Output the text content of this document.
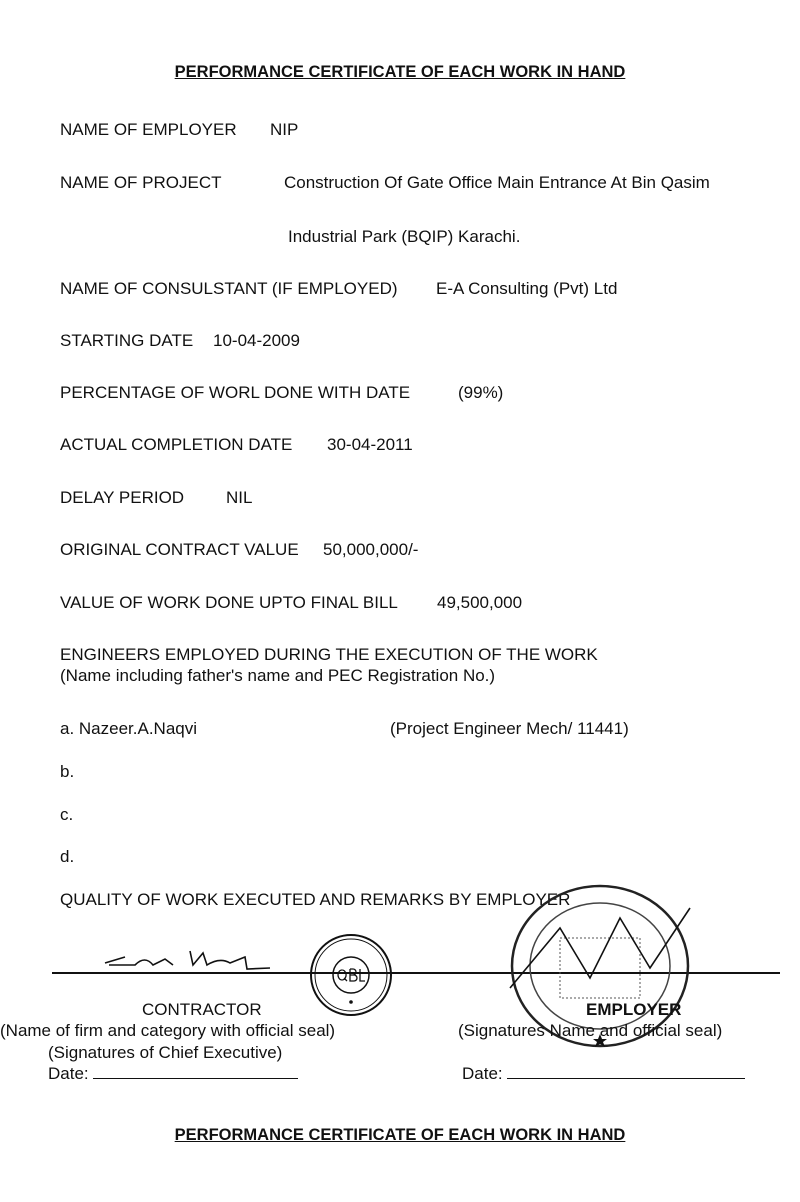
PERFORMANCE CERTIFICATE OF EACH WORK IN HAND
NAME OF EMPLOYER NIP
NAME OF PROJECT	Construction Of Gate Office Main Entrance At Bin Qasim
Industrial Park (BQIP) Karachi.
NAME OF CONSULSTANT (IF EMPLOYED) E-A Consulting (Pvt) Ltd
STARTING DATE 10-04-2009
PERCENTAGE OF WORL DONE WITH DATE	(99%)
ACTUAL COMPLETION DATE 30-04-2011
DELAY PERIOD NIL
ORIGINAL CONTRACT VALUE 50,000,000/-
VALUE OF WORK DONE UPTO FINAL BILL 49,500,000
ENGINEERS EMPLOYED DURING THE EXECUTION OF THE WORK
(Name including father's name and PEC Registration No.)
a. Nazeer.A.Naqvi	(Project Engineer Mech/ 11441)
b.
c.
d.
QUALITY OF WORK EXECUTED AND REMARKS BY EMPLOYER
CONTRACTOR
(Name of firm and category with official seal)
(Signatures of Chief Executive)
Date:
EMPLOYER
(Signatures Name and official seal)
Date:
PERFORMANCE CERTIFICATE OF EACH WORK IN HAND
